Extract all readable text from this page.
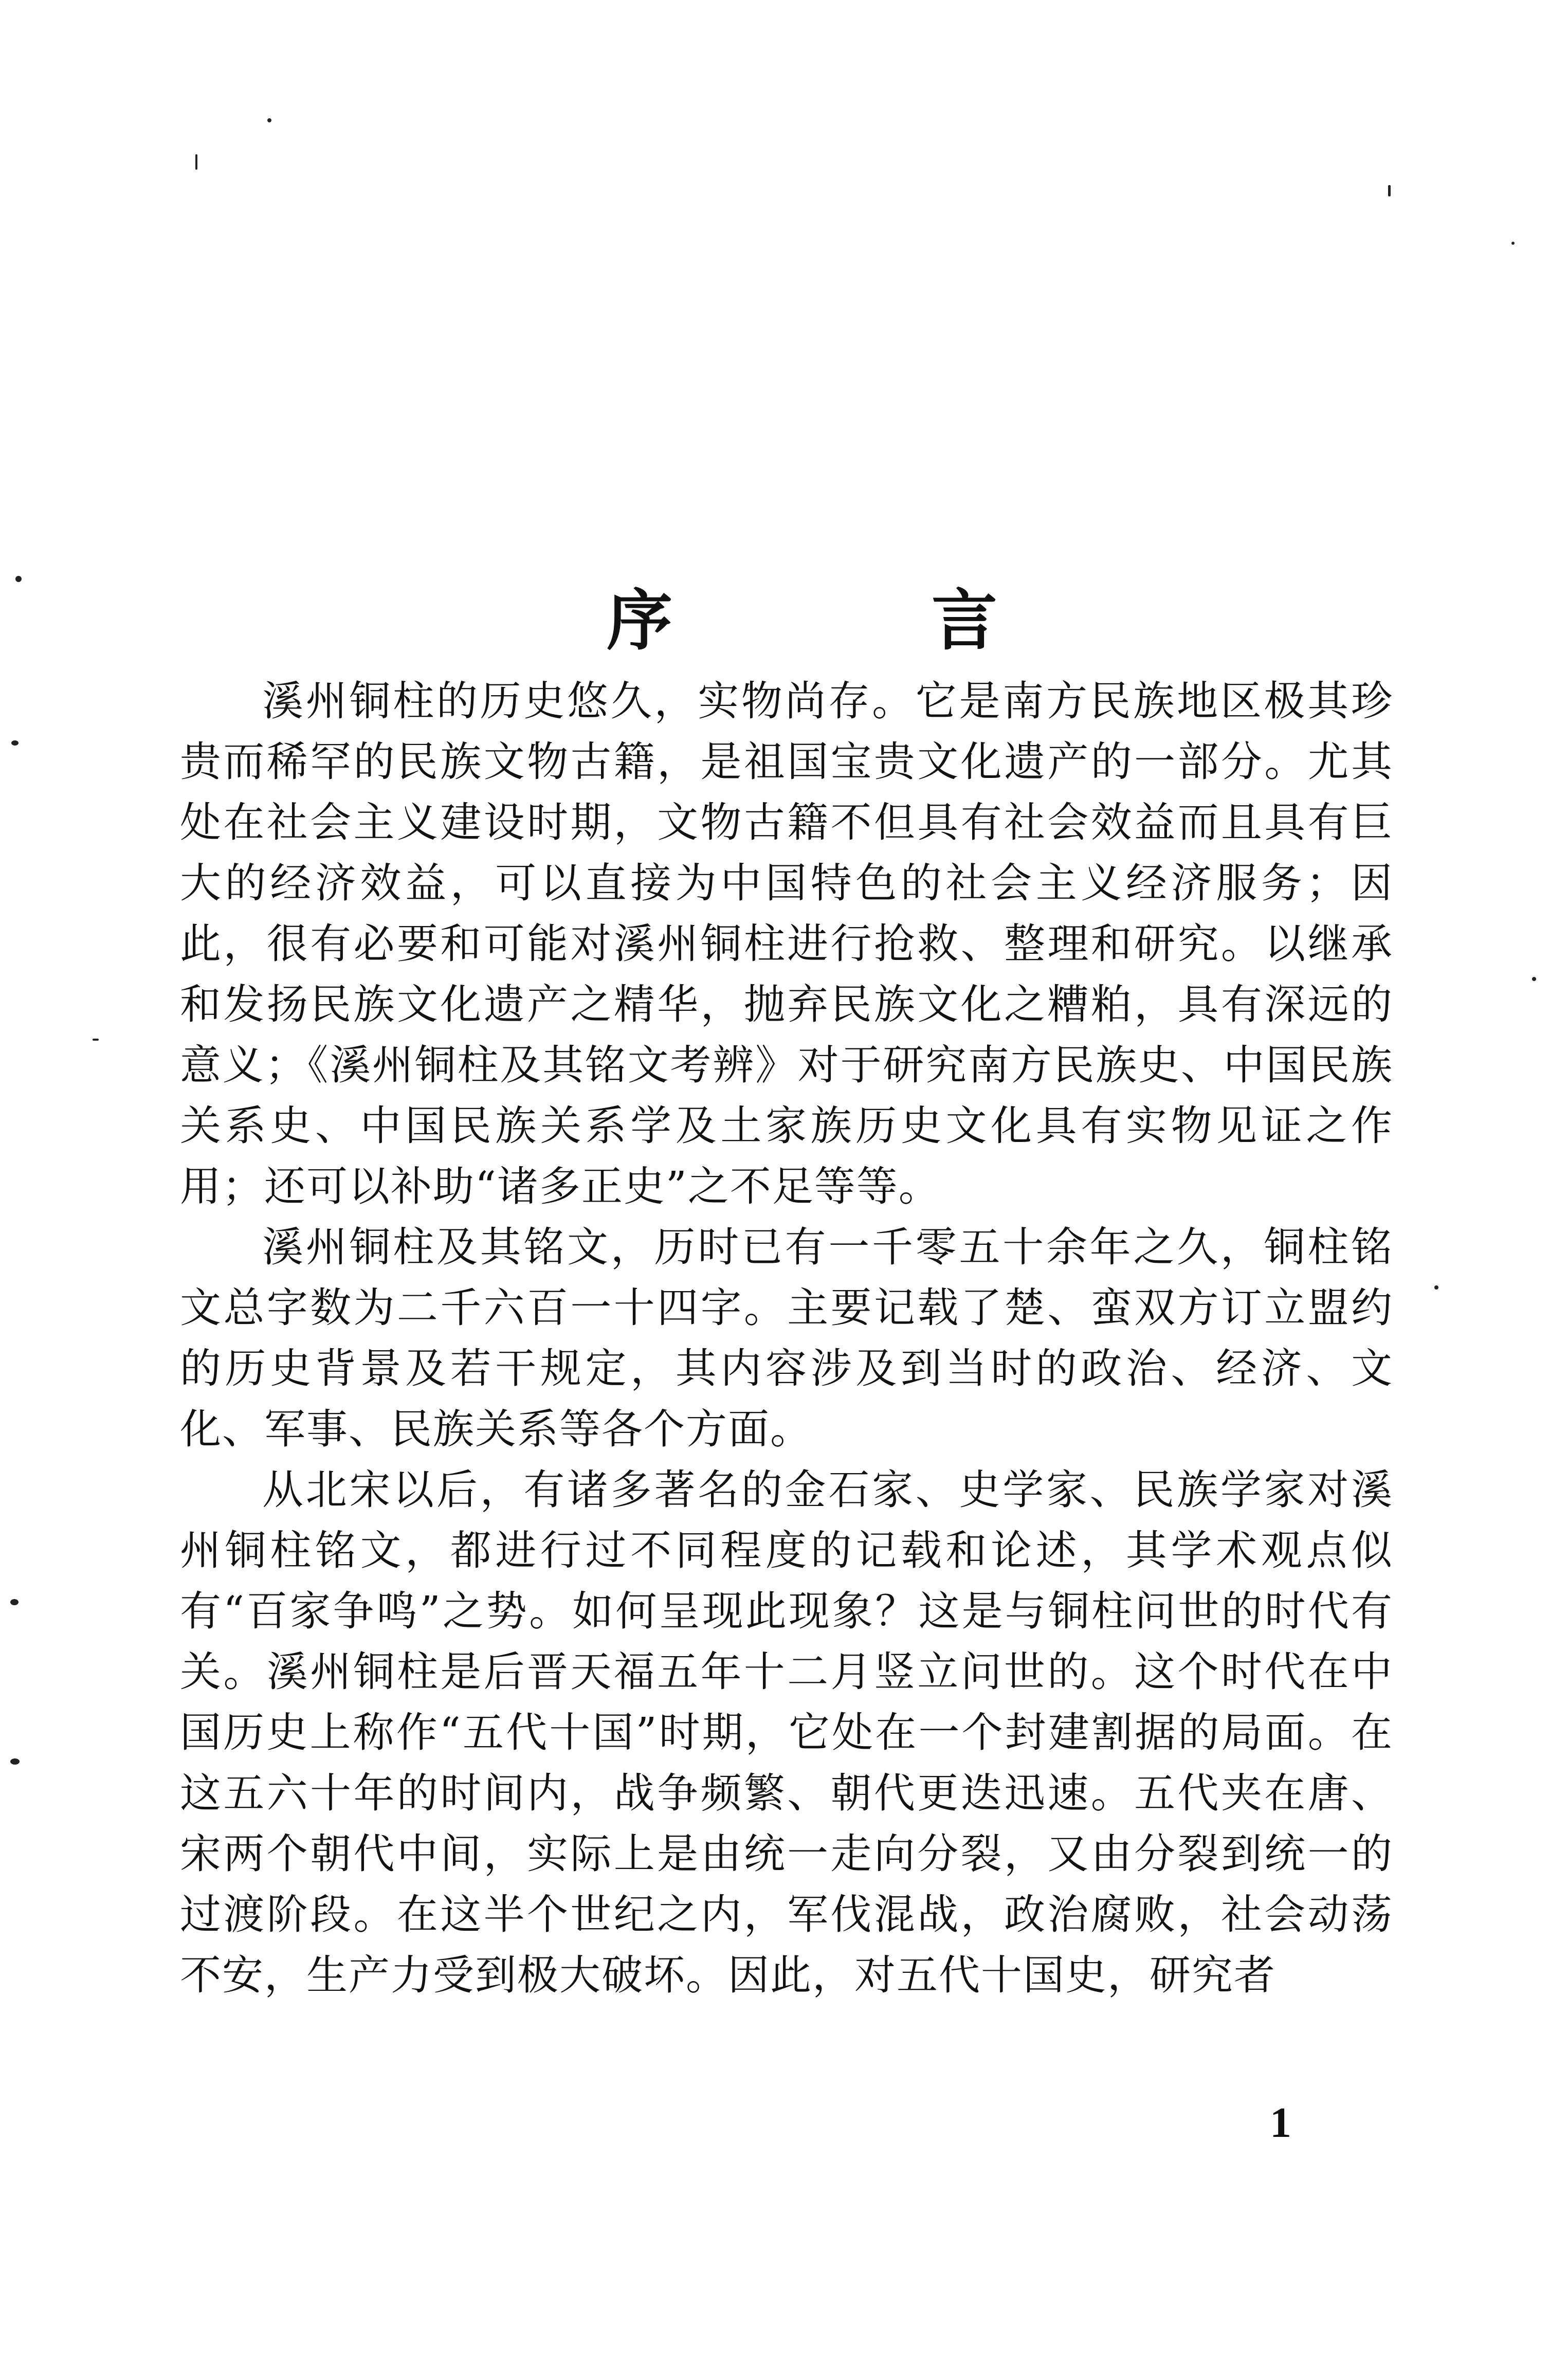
序	言

溪州铜柱的历史悠久，实物尚存。它是南方民族地区极其珍贵而稀罕的民族文物古籍，是祖国宝贵文化遗产的一部分。尤其处在社会主义建设时期，文物古籍不但具有社会效益而且具有巨大的经济效益，可以直接为中国特色的社会主义经济服务；因此，很有必要和可能对溪州铜柱进行抢救、整理和研究。以继承和发扬民族文化遗产之精华，抛弃民族文化之糟粕，具有深远的意义；《溪州铜柱及其铭文考辨》对于研究南方民族史、中国民族关系史、中国民族关系学及土家族历史文化具有实物见证之作用；还可以补助“诸多正史”之不足等等。

溪州铜柱及其铭文，历时已有一千零五十余年之久，铜柱铭文总字数为二千六百一十四字。主要记载了楚、蛮双方订立盟约的历史背景及若干规定，其内容涉及到当时的政治、经济、文化、军事、民族关系等各个方面。

从北宋以后，有诸多著名的金石家、史学家、民族学家对溪州铜柱铭文，都进行过不同程度的记载和论述，其学术观点似有“百家争鸣”之势。如何呈现此现象？这是与铜柱问世的时代有关。溪州铜柱是后晋天福五年十二月竖立问世的。这个时代在中国历史上称作“五代十国”时期，它处在一个封建割据的局面。在这五六十年的时间内，战争频繁、朝代更迭迅速。五代夹在唐、宋两个朝代中间，实际上是由统一走向分裂，又由分裂到统一的过渡阶段。在这半个世纪之内，军伐混战，政治腐败，社会动荡不安，生产力受到极大破坏。因此，对五代十国史，研究者

1
